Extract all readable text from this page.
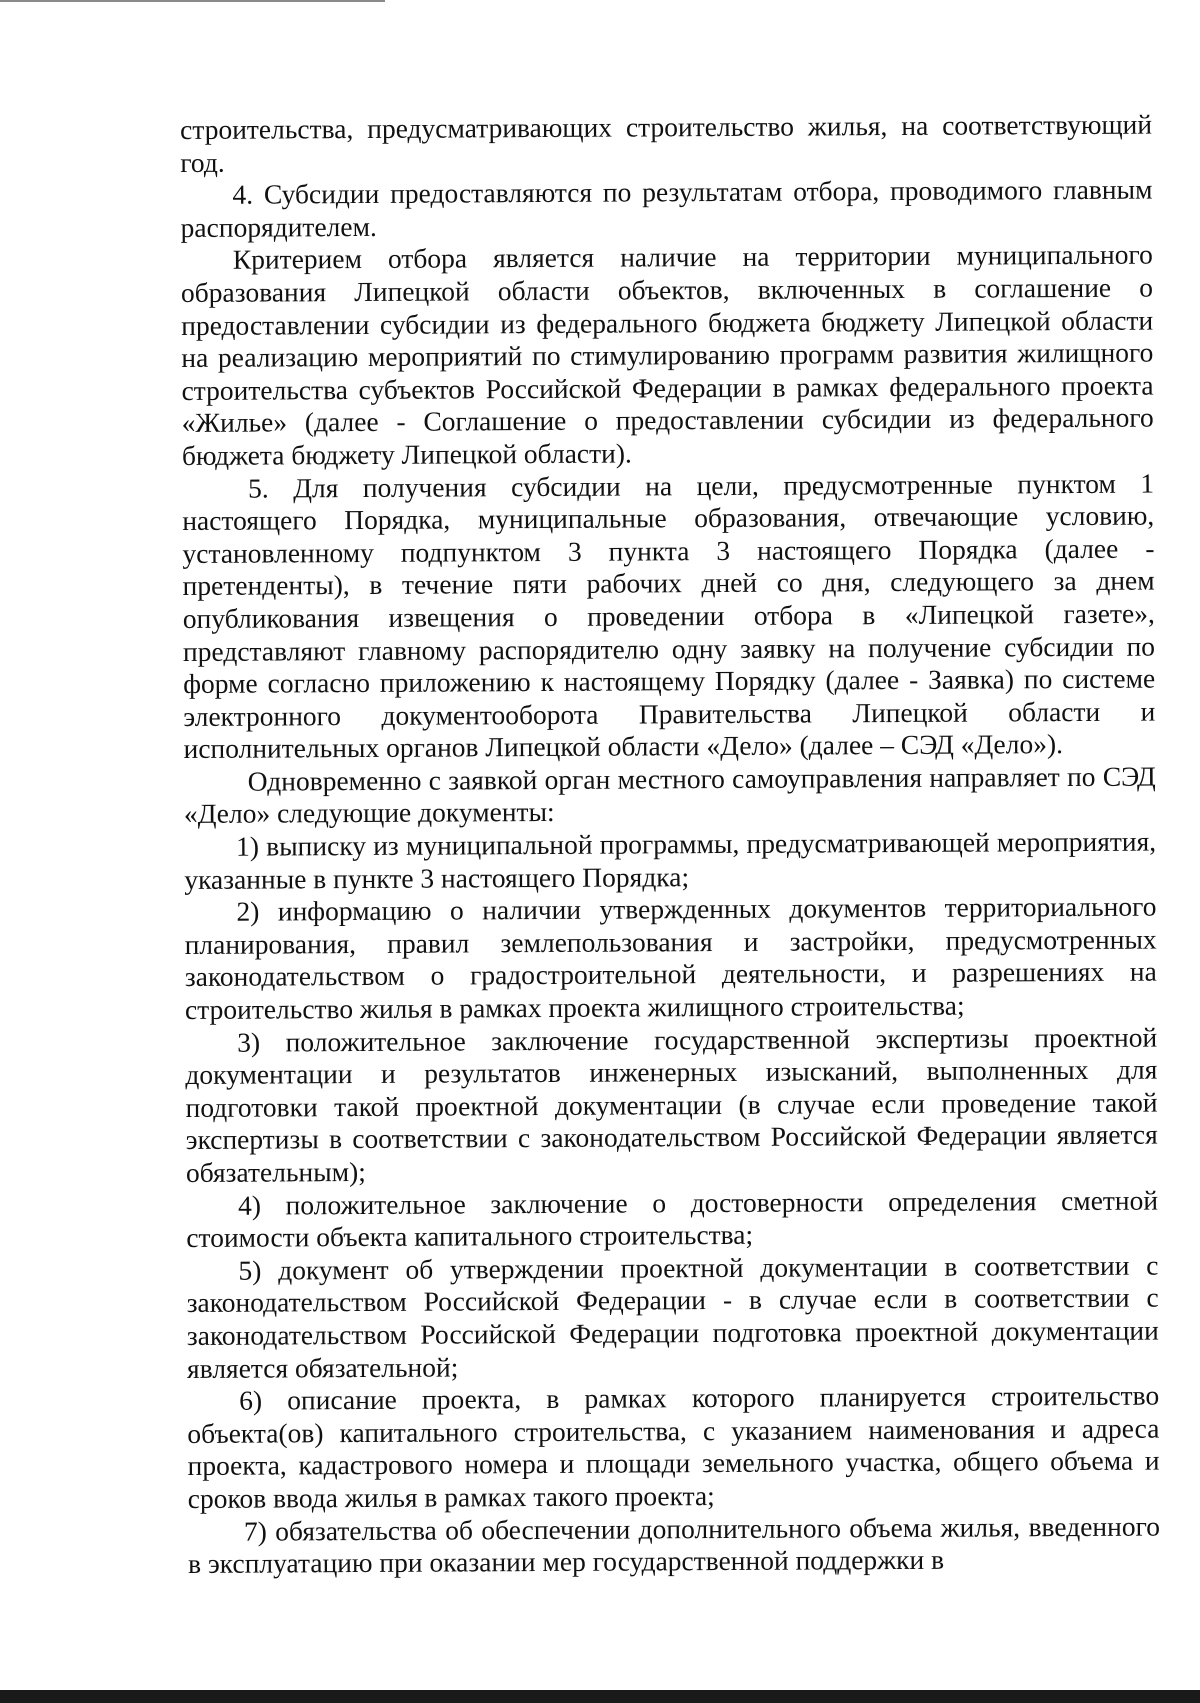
строительства, предусматривающих строительство жилья, на соответствующий год.

4. Субсидии предоставляются по результатам отбора, проводимого главным распорядителем.

Критерием отбора является наличие на территории муниципального образования Липецкой области объектов, включенных в соглашение о предоставлении субсидии из федерального бюджета бюджету Липецкой области на реализацию мероприятий по стимулированию программ развития жилищного строительства субъектов Российской Федерации в рамках федерального проекта «Жилье» (далее - Соглашение о предоставлении субсидии из федерального бюджета бюджету Липецкой области).

5. Для получения субсидии на цели, предусмотренные пунктом 1 настоящего Порядка, муниципальные образования, отвечающие условию, установленному подпунктом 3 пункта 3 настоящего Порядка (далее - претенденты), в течение пяти рабочих дней со дня, следующего за днем опубликования извещения о проведении отбора в «Липецкой газете», представляют главному распорядителю одну заявку на получение субсидии по форме согласно приложению к настоящему Порядку (далее - Заявка) по системе электронного документооборота Правительства Липецкой области и исполнительных органов Липецкой области «Дело» (далее – СЭД «Дело»).

Одновременно с заявкой орган местного самоуправления направляет по СЭД «Дело» следующие документы:

1) выписку из муниципальной программы, предусматривающей мероприятия, указанные в пункте 3 настоящего Порядка;

2) информацию о наличии утвержденных документов территориального планирования, правил землепользования и застройки, предусмотренных законодательством о градостроительной деятельности, и разрешениях на строительство жилья в рамках проекта жилищного строительства;

3) положительное заключение государственной экспертизы проектной документации и результатов инженерных изысканий, выполненных для подготовки такой проектной документации (в случае если проведение такой экспертизы в соответствии с законодательством Российской Федерации является обязательным);

4) положительное заключение о достоверности определения сметной стоимости объекта капитального строительства;

5) документ об утверждении проектной документации в соответствии с законодательством Российской Федерации - в случае если в соответствии с законодательством Российской Федерации подготовка проектной документации является обязательной;

6) описание проекта, в рамках которого планируется строительство объекта(ов) капитального строительства, с указанием наименования и адреса проекта, кадастрового номера и площади земельного участка, общего объема и сроков ввода жилья в рамках такого проекта;

7) обязательства об обеспечении дополнительного объема жилья, введенного в эксплуатацию при оказании мер государственной поддержки в
